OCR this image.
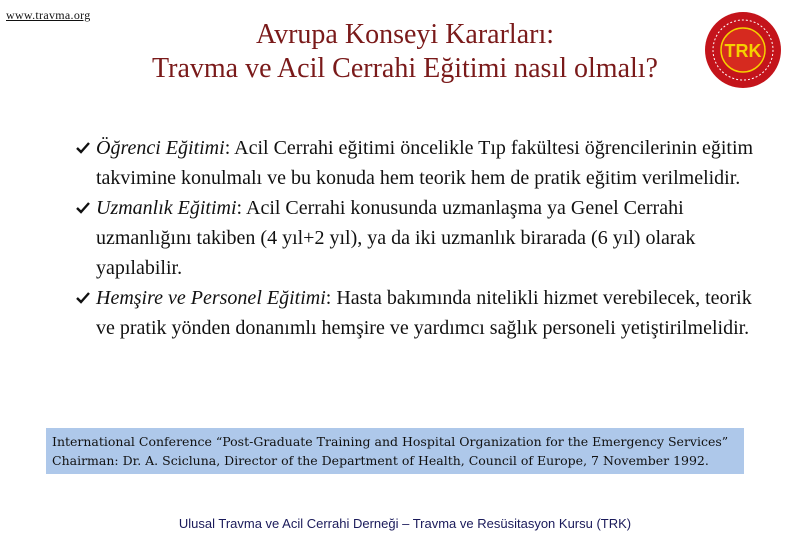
www.travma.org
Avrupa Konseyi Kararları:
Travma ve Acil Cerrahi Eğitimi nasıl olmalı?
TRK
Öğrenci Eğitimi: Acil Cerrahi eğitimi öncelikle Tıp fakültesi öğrencilerinin eğitim takvimine konulmalı ve bu konuda hem teorik hem de pratik eğitim verilmelidir.
Uzmanlık Eğitimi: Acil Cerrahi konusunda uzmanlaşma ya Genel Cerrahi uzmanlığını takiben (4 yıl+2 yıl), ya da iki uzmanlık birarada (6 yıl) olarak yapılabilir.
Hemşire ve Personel Eğitimi: Hasta bakımında nitelikli hizmet verebilecek, teorik ve pratik yönden donanımlı hemşire ve yardımcı sağlık personeli yetiştirilmelidir.
International Conference “Post-Graduate Training and Hospital Organization for the Emergency Services”
Chairman: Dr. A. Scicluna, Director of the Department of Health, Council of Europe, 7 November 1992.
Ulusal Travma ve Acil Cerrahi Derneği – Travma ve Resüsitasyon Kursu (TRK)
